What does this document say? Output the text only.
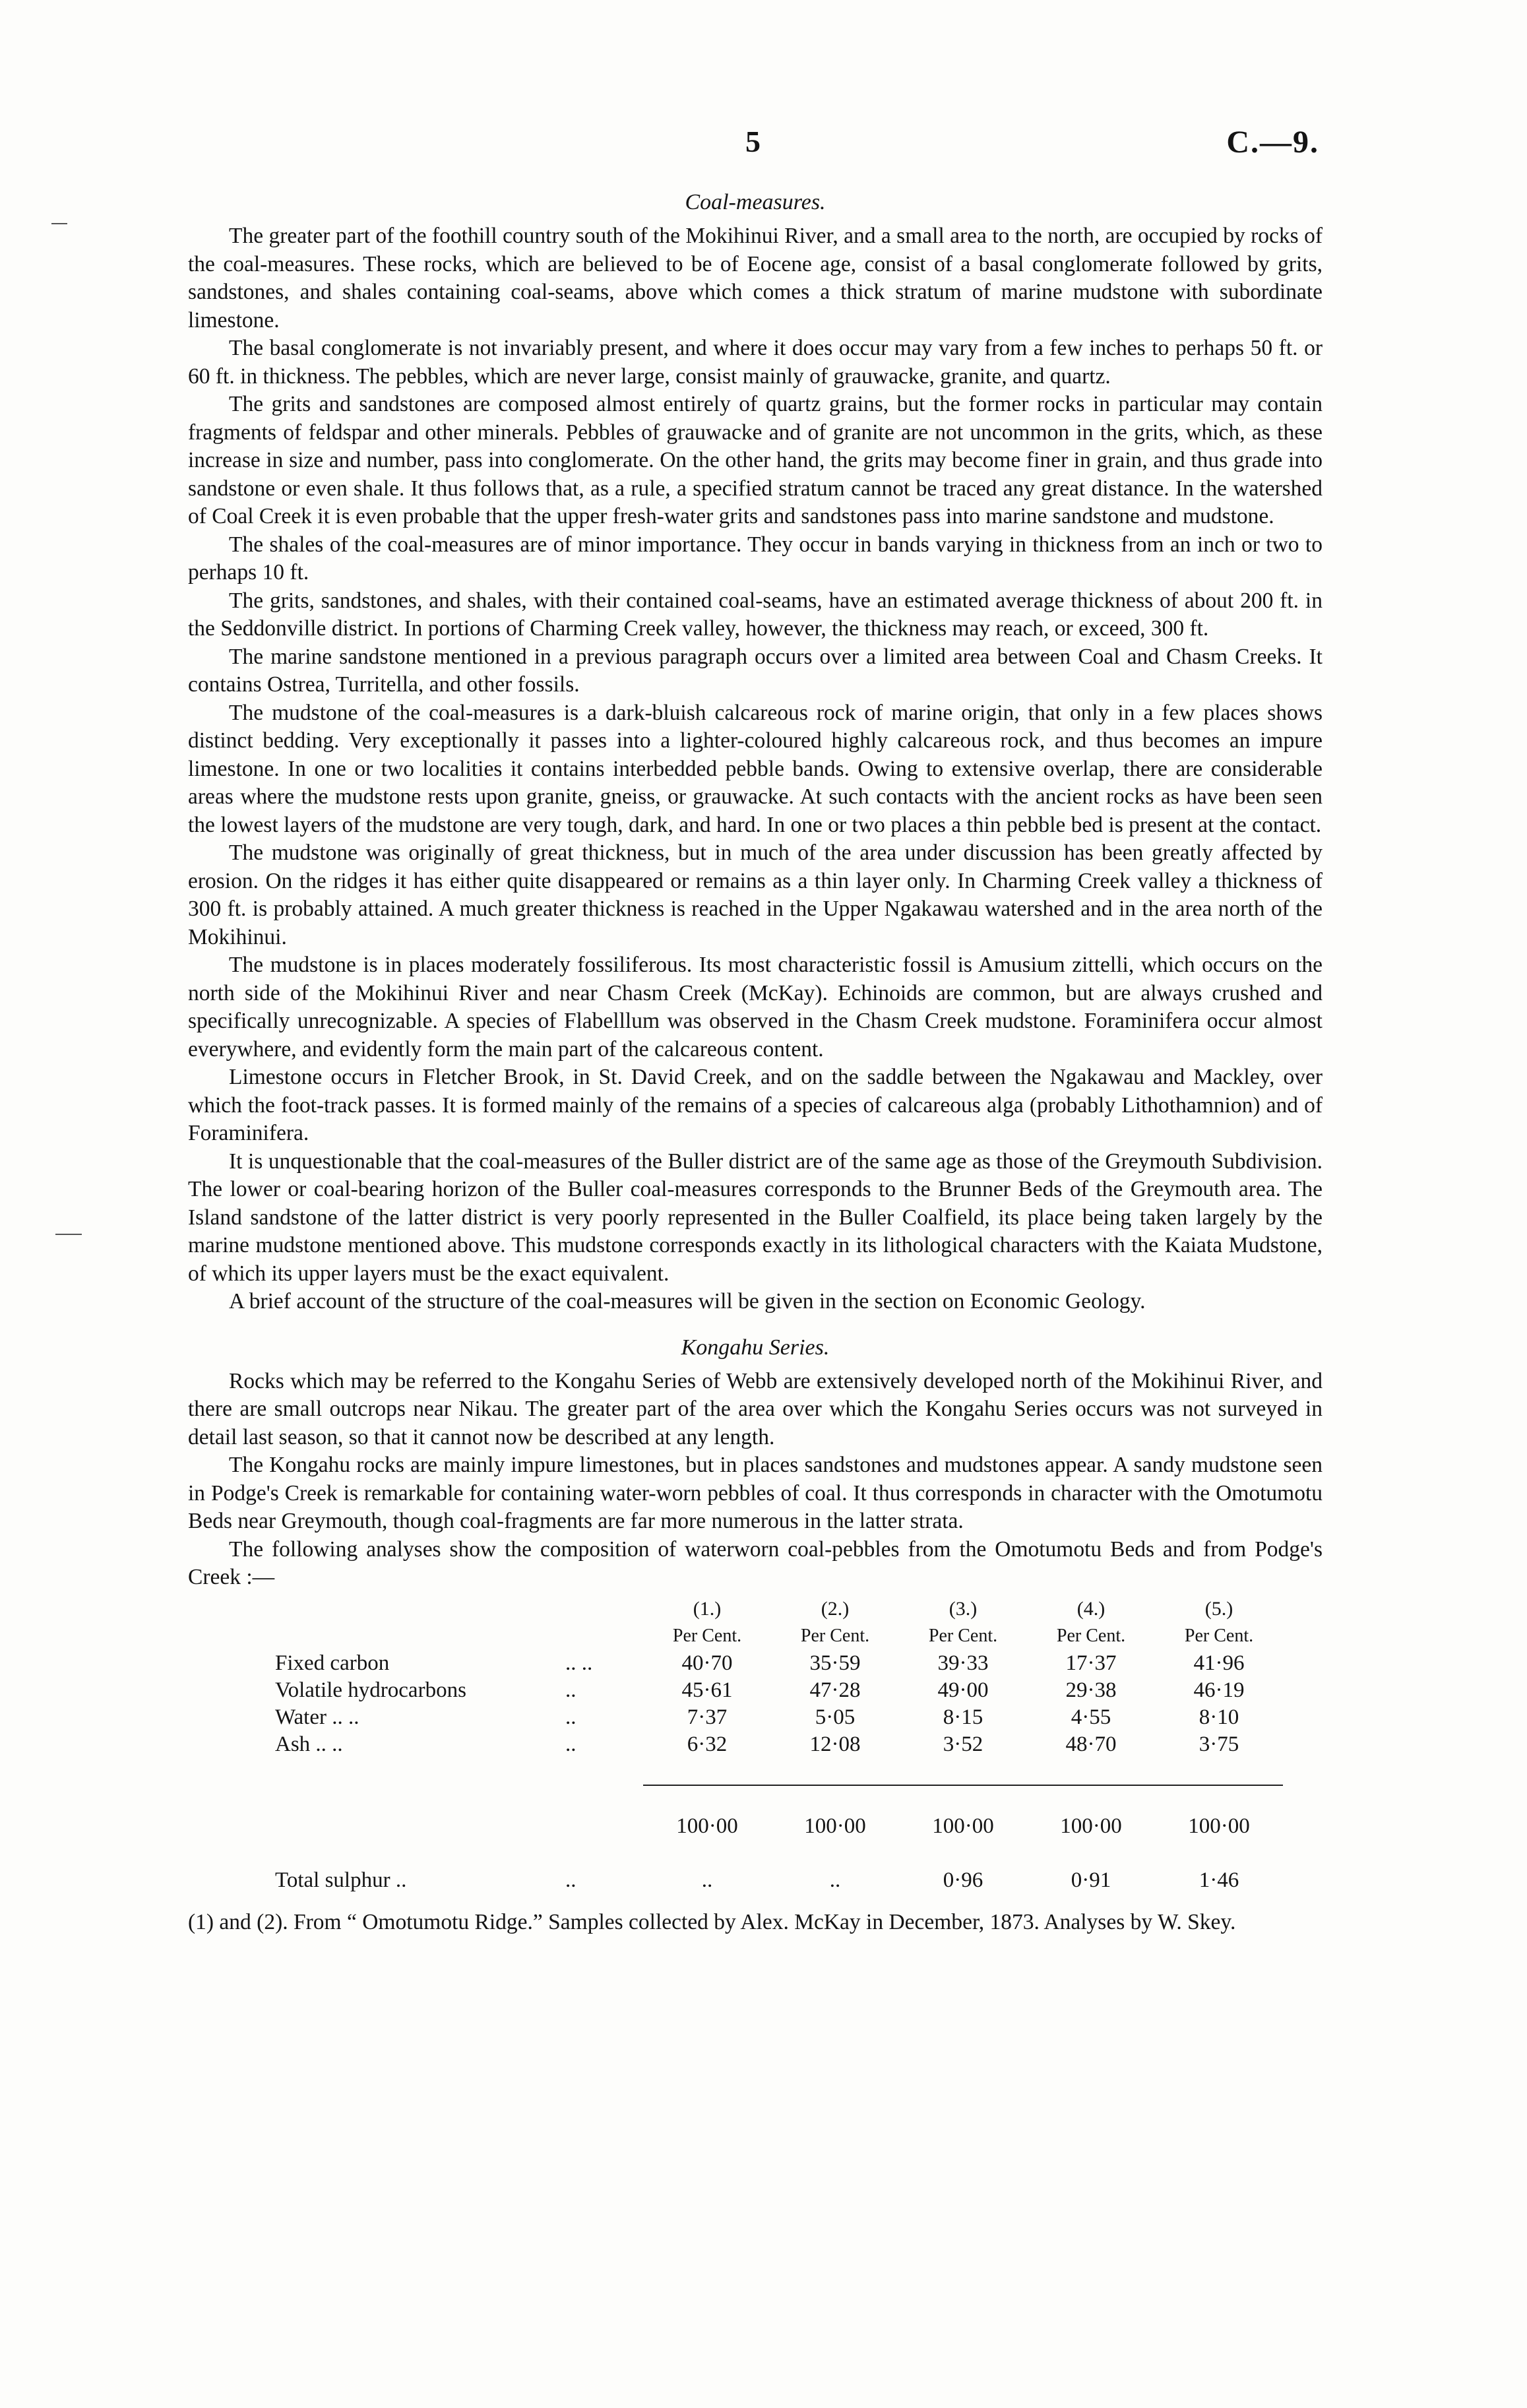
5	C.—9.
Coal-measures.

The greater part of the foothill country south of the Mokihinui River, and a small area to the north, are occupied by rocks of the coal-measures. These rocks, which are believed to be of Eocene age, consist of a basal conglomerate followed by grits, sandstones, and shales containing coal-seams, above which comes a thick stratum of marine mudstone with subordinate limestone.

The basal conglomerate is not invariably present, and where it does occur may vary from a few inches to perhaps 50 ft. or 60 ft. in thickness. The pebbles, which are never large, consist mainly of grauwacke, granite, and quartz.

The grits and sandstones are composed almost entirely of quartz grains, but the former rocks in particular may contain fragments of feldspar and other minerals. Pebbles of grauwacke and of granite are not uncommon in the grits, which, as these increase in size and number, pass into conglomerate. On the other hand, the grits may become finer in grain, and thus grade into sandstone or even shale. It thus follows that, as a rule, a specified stratum cannot be traced any great distance. In the watershed of Coal Creek it is even probable that the upper fresh-water grits and sandstones pass into marine sandstone and mudstone.

The shales of the coal-measures are of minor importance. They occur in bands varying in thickness from an inch or two to perhaps 10 ft.

The grits, sandstones, and shales, with their contained coal-seams, have an estimated average thickness of about 200 ft. in the Seddonville district. In portions of Charming Creek valley, however, the thickness may reach, or exceed, 300 ft.

The marine sandstone mentioned in a previous paragraph occurs over a limited area between Coal and Chasm Creeks. It contains Ostrea, Turritella, and other fossils.

The mudstone of the coal-measures is a dark-bluish calcareous rock of marine origin, that only in a few places shows distinct bedding. Very exceptionally it passes into a lighter-coloured highly calcareous rock, and thus becomes an impure limestone. In one or two localities it contains interbedded pebble bands. Owing to extensive overlap, there are considerable areas where the mudstone rests upon granite, gneiss, or grauwacke. At such contacts with the ancient rocks as have been seen the lowest layers of the mudstone are very tough, dark, and hard. In one or two places a thin pebble bed is present at the contact.

The mudstone was originally of great thickness, but in much of the area under discussion has been greatly affected by erosion. On the ridges it has either quite disappeared or remains as a thin layer only. In Charming Creek valley a thickness of 300 ft. is probably attained. A much greater thickness is reached in the Upper Ngakawau watershed and in the area north of the Mokihinui.

The mudstone is in places moderately fossiliferous. Its most characteristic fossil is Amusium zittelli, which occurs on the north side of the Mokihinui River and near Chasm Creek (McKay). Echinoids are common, but are always crushed and specifically unrecognizable. A species of Flabelllum was observed in the Chasm Creek mudstone. Foraminifera occur almost everywhere, and evidently form the main part of the calcareous content.

Limestone occurs in Fletcher Brook, in St. David Creek, and on the saddle between the Ngakawau and Mackley, over which the foot-track passes. It is formed mainly of the remains of a species of calcareous alga (probably Lithothamnion) and of Foraminifera.

It is unquestionable that the coal-measures of the Buller district are of the same age as those of the Greymouth Subdivision. The lower or coal-bearing horizon of the Buller coal-measures corresponds to the Brunner Beds of the Greymouth area. The Island sandstone of the latter district is very poorly represented in the Buller Coalfield, its place being taken largely by the marine mudstone mentioned above. This mudstone corresponds exactly in its lithological characters with the Kaiata Mudstone, of which its upper layers must be the exact equivalent.

A brief account of the structure of the coal-measures will be given in the section on Economic Geology.

Kongahu Series.

Rocks which may be referred to the Kongahu Series of Webb are extensively developed north of the Mokihinui River, and there are small outcrops near Nikau. The greater part of the area over which the Kongahu Series occurs was not surveyed in detail last season, so that it cannot now be described at any length.

The Kongahu rocks are mainly impure limestones, but in places sandstones and mudstones appear. A sandy mudstone seen in Podge's Creek is remarkable for containing water-worn pebbles of coal. It thus corresponds in character with the Omotumotu Beds near Greymouth, though coal-fragments are far more numerous in the latter strata.

The following analyses show the composition of waterworn coal-pebbles from the Omotumotu Beds and from Podge's Creek :—

		(1.)	(2.)	(3.)	(4.)	(5.)
		Per Cent.	Per Cent.	Per Cent.	Per Cent.	Per Cent.
Fixed carbon	.. ..	40·70	35·59	39·33	17·37	41·96
Volatile hydrocarbons	..	45·61	47·28	49·00	29·38	46·19
Water .. ..	..	7·37	5·05	8·15	4·55	8·10
Ash .. ..	..	6·32	12·08	3·52	48·70	3·75

		100·00	100·00	100·00	100·00	100·00

Total sulphur ..	..	..	..	0·96	0·91	1·46

(1) and (2). From “ Omotumotu Ridge.” Samples collected by Alex. McKay in December, 1873. Analyses by W. Skey.
